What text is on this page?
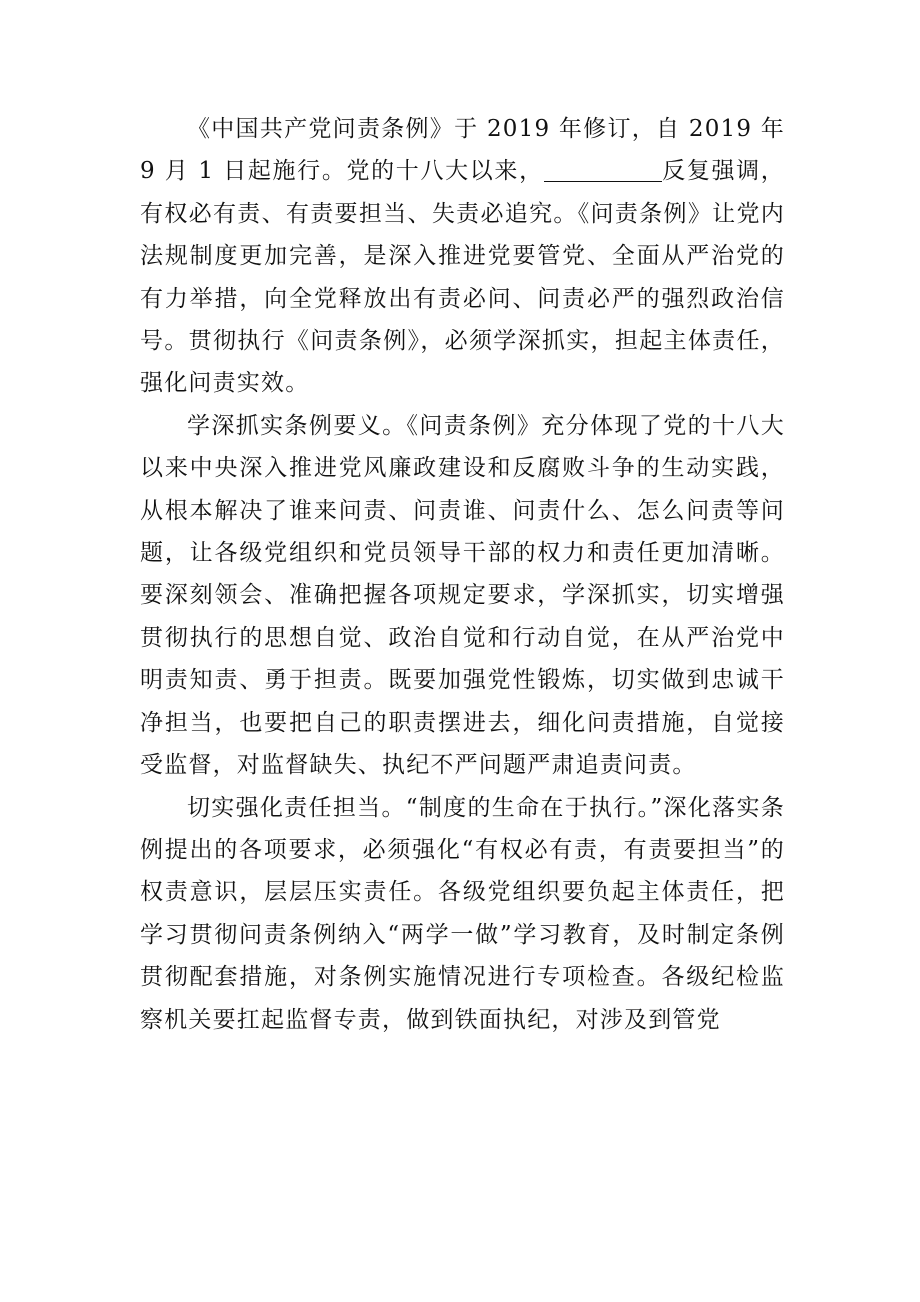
《中国共产党问责条例》于 2019 年修订，自 2019 年 9 月 1 日起施行。党的十八大以来，	反复强调，有权必有责、有责要担当、失责必追究。《问责条例》让党内法规制度更加完善，是深入推进党要管党、全面从严治党的有力举措，向全党释放出有责必问、问责必严的强烈政治信号。贯彻执行《问责条例》，必须学深抓实，担起主体责任，强化问责实效。

学深抓实条例要义。《问责条例》充分体现了党的十八大以来中央深入推进党风廉政建设和反腐败斗争的生动实践，从根本解决了谁来问责、问责谁、问责什么、怎么问责等问题，让各级党组织和党员领导干部的权力和责任更加清晰。要深刻领会、准确把握各项规定要求，学深抓实，切实增强贯彻执行的思想自觉、政治自觉和行动自觉，在从严治党中明责知责、勇于担责。既要加强党性锻炼，切实做到忠诚干净担当，也要把自己的职责摆进去，细化问责措施，自觉接受监督，对监督缺失、执纪不严问题严肃追责问责。

切实强化责任担当。“制度的生命在于执行。”深化落实条例提出的各项要求，必须强化“有权必有责，有责要担当”的权责意识，层层压实责任。各级党组织要负起主体责任，把学习贯彻问责条例纳入“两学一做”学习教育，及时制定条例贯彻配套措施，对条例实施情况进行专项检查。各级纪检监察机关要扛起监督专责，做到铁面执纪，对涉及到管党
